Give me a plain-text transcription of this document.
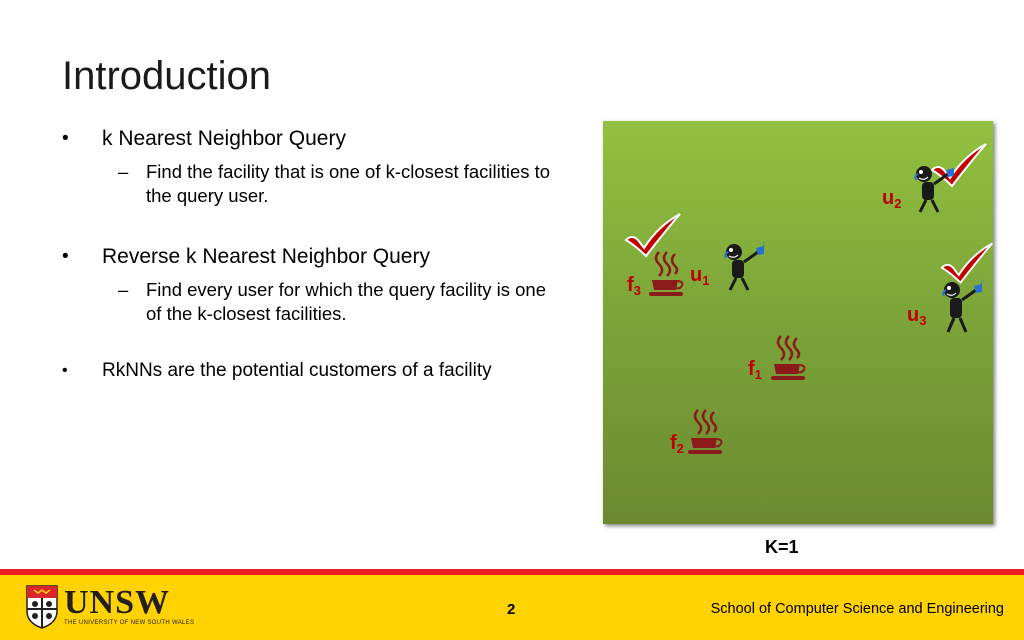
Introduction
• k Nearest Neighbor Query
– Find the facility that is one of k-closest facilities to the query user.
• Reverse k Nearest Neighbor Query
– Find every user for which the query facility is one of the k-closest facilities.
• RkNNs are the potential customers of a facility
♪
♪
$f_3$
$u_1$
$u_2$
$u_3$
$f_1$
$f_2$
K=1
UNSW
THE UNIVERSITY OF NEW SOUTH WALES
2	School of Computer Science and Engineering
